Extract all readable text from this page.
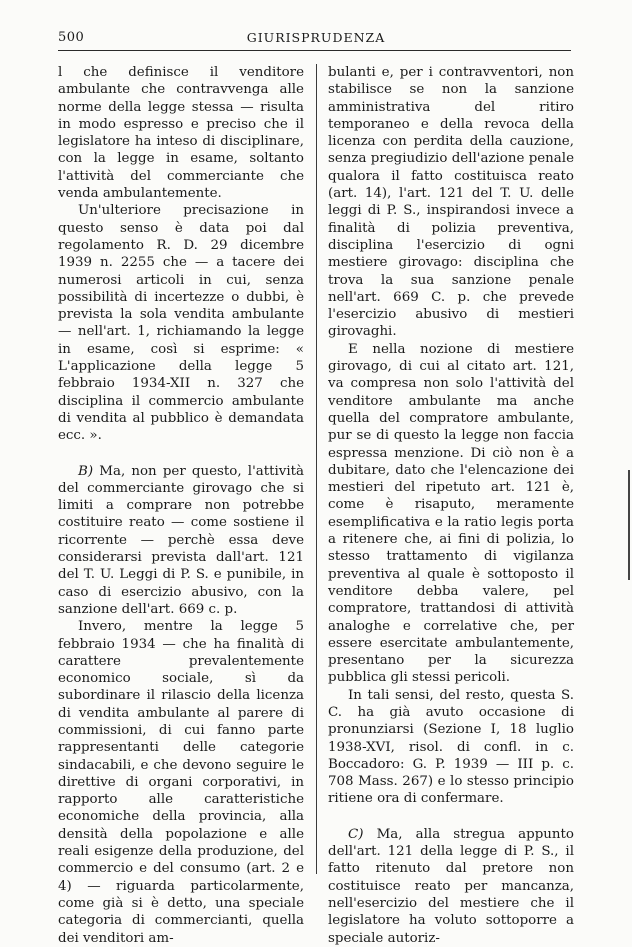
500	GIURISPRUDENZA

l che definisce il venditore ambulante che contravvenga alle norme della legge stessa — risulta in modo espresso e preciso che il legislatore ha inteso di disciplinare, con la legge in esame, soltanto l'attività del commerciante che venda ambulantemente.

Un'ulteriore precisazione in questo senso è data poi dal regolamento R. D. 29 dicembre 1939 n. 2255 che — a tacere dei numerosi articoli in cui, senza possibilità di incertezze o dubbi, è prevista la sola vendita ambulante — nell'art. 1, richiamando la legge in esame, così si esprime: « L'applicazione della legge 5 febbraio 1934-XII n. 327 che disciplina il commercio ambulante di vendita al pubblico è demandata ecc. ».

B) Ma, non per questo, l'attività del commerciante girovago che si limiti a comprare non potrebbe costituire reato — come sostiene il ricorrente — perchè essa deve considerarsi prevista dall'art. 121 del T. U. Leggi di P. S. e punibile, in caso di esercizio abusivo, con la sanzione dell'art. 669 c. p.

Invero, mentre la legge 5 febbraio 1934 — che ha finalità di carattere prevalentemente economico sociale, sì da subordinare il rilascio della licenza di vendita ambulante al parere di commissioni, di cui fanno parte rappresentanti delle categorie sindacabili, e che devono seguire le direttive di organi corporativi, in rapporto alle caratteristiche economiche della provincia, alla densità della popolazione e alle reali esigenze della produzione, del commercio e del consumo (art. 2 e 4) — riguarda particolarmente, come già si è detto, una speciale categoria di commercianti, quella dei venditori am-

bulanti e, per i contravventori, non stabilisce se non la sanzione amministrativa del ritiro temporaneo e della revoca della licenza con perdita della cauzione, senza pregiudizio dell'azione penale qualora il fatto costituisca reato (art. 14), l'art. 121 del T. U. delle leggi di P. S., inspirandosi invece a finalità di polizia preventiva, disciplina l'esercizio di ogni mestiere girovago: disciplina che trova la sua sanzione penale nell'art. 669 C. p. che prevede l'esercizio abusivo di mestieri girovaghi.

E nella nozione di mestiere girovago, di cui al citato art. 121, va compresa non solo l'attività del venditore ambulante ma anche quella del compratore ambulante, pur se di questo la legge non faccia espressa menzione. Di ciò non è a dubitare, dato che l'elencazione dei mestieri del ripetuto art. 121 è, come è risaputo, meramente esemplificativa e la ratio legis porta a ritenere che, ai fini di polizia, lo stesso trattamento di vigilanza preventiva al quale è sottoposto il venditore debba valere, pel compratore, trattandosi di attività analoghe e correlative che, per essere esercitate ambulantemente, presentano per la sicurezza pubblica gli stessi pericoli.

In tali sensi, del resto, questa S. C. ha già avuto occasione di pronunziarsi (Sezione I, 18 luglio 1938-XVI, risol. di confl. in c. Boccadoro: G. P. 1939 — III p. c. 708 Mass. 267) e lo stesso principio ritiene ora di confermare.

C) Ma, alla stregua appunto dell'art. 121 della legge di P. S., il fatto ritenuto dal pretore non costituisce reato per mancanza, nell'esercizio del mestiere che il legislatore ha voluto sottoporre a speciale autoriz-
